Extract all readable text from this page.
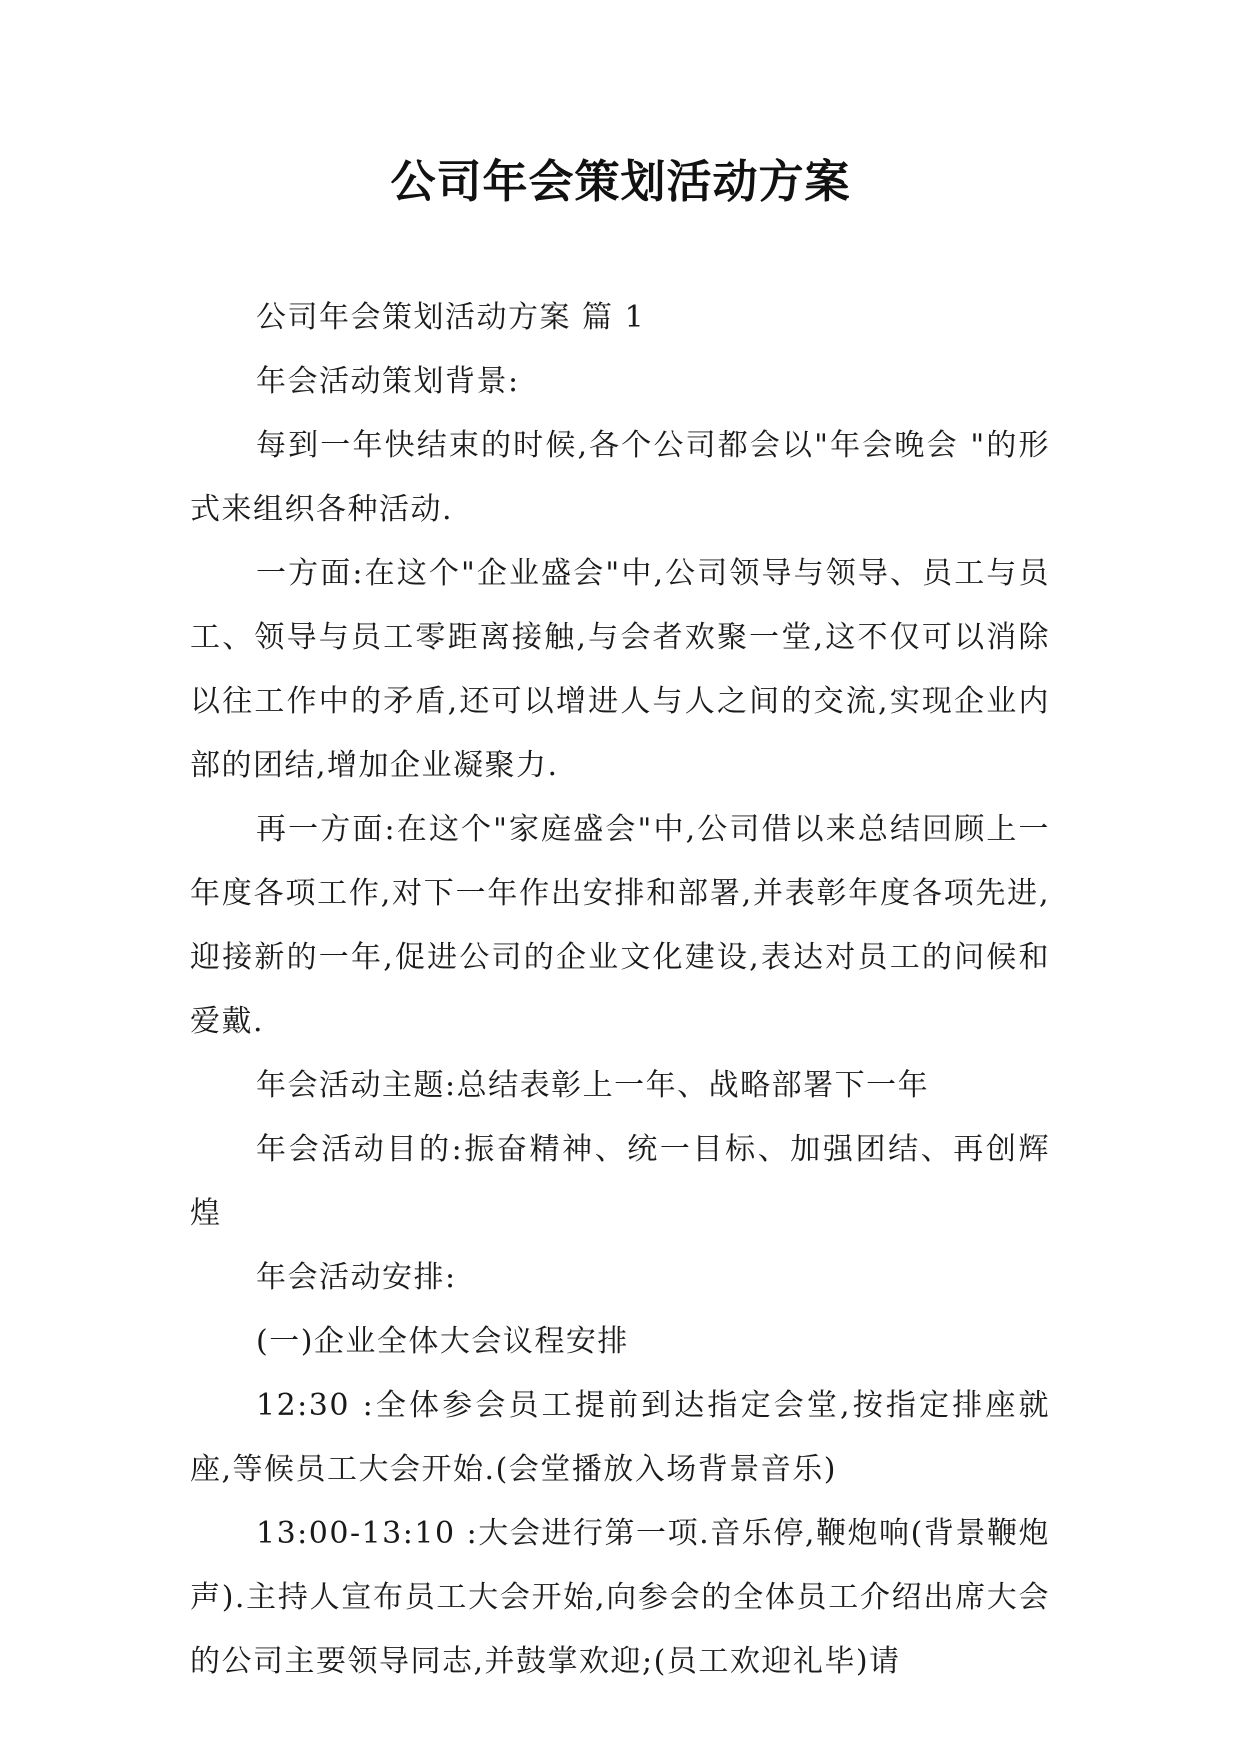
公司年会策划活动方案

公司年会策划活动方案 篇 1

年会活动策划背景:

每到一年快结束的时候,各个公司都会以"年会晚会 "的形式来组织各种活动.

一方面:在这个"企业盛会"中,公司领导与领导、员工与员工、领导与员工零距离接触,与会者欢聚一堂,这不仅可以消除以往工作中的矛盾,还可以增进人与人之间的交流,实现企业内部的团结,增加企业凝聚力.

再一方面:在这个"家庭盛会"中,公司借以来总结回顾上一年度各项工作,对下一年作出安排和部署,并表彰年度各项先进,迎接新的一年,促进公司的企业文化建设,表达对员工的问候和爱戴.

年会活动主题:总结表彰上一年、战略部署下一年

年会活动目的:振奋精神、统一目标、加强团结、再创辉煌

年会活动安排:

(一)企业全体大会议程安排

12:30 :全体参会员工提前到达指定会堂,按指定排座就座,等候员工大会开始.(会堂播放入场背景音乐)

13:00-13:10 :大会进行第一项.音乐停,鞭炮响(背景鞭炮声).主持人宣布员工大会开始,向参会的全体员工介绍出席大会的公司主要领导同志,并鼓掌欢迎;(员工欢迎礼毕)请
